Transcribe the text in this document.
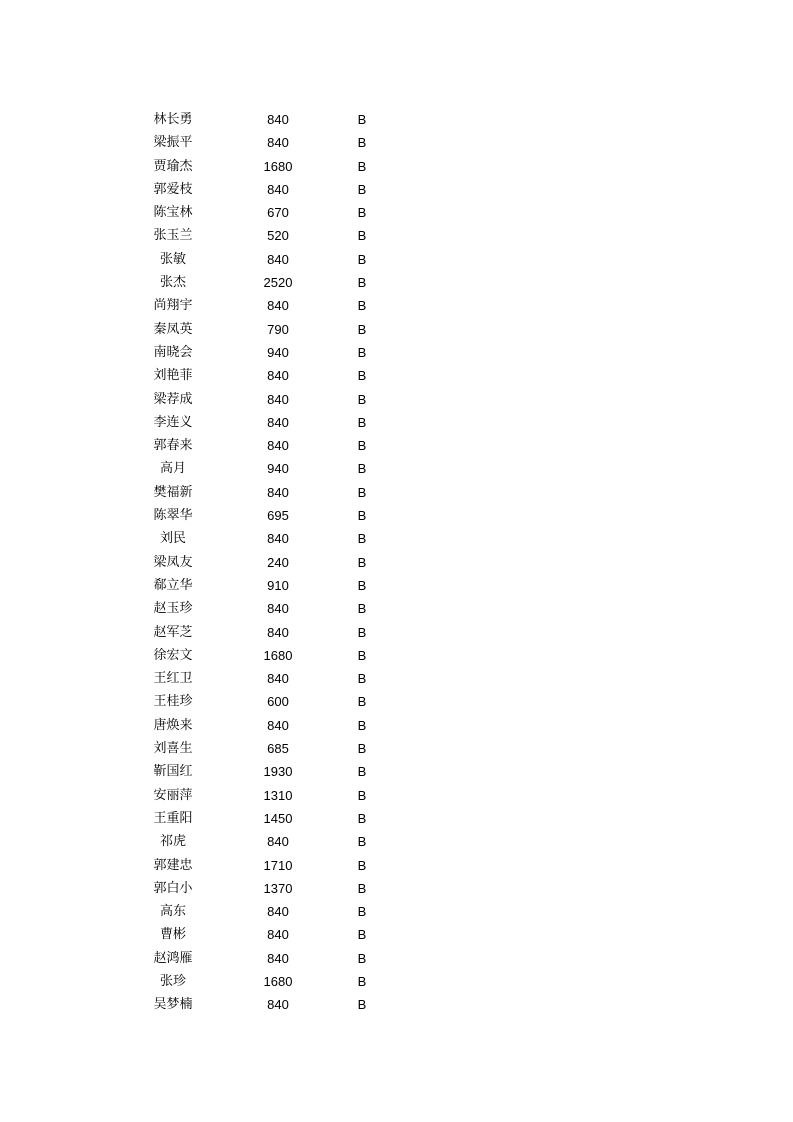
林长勇	840	B
梁振平	840	B
贾瑜杰	1680	B
郭爱枝	840	B
陈宝林	670	B
张玉兰	520	B
张敏	840	B
张杰	2520	B
尚翔宇	840	B
秦凤英	790	B
南晓会	940	B
刘艳菲	840	B
梁荐成	840	B
李连义	840	B
郭春来	840	B
高月	940	B
樊福新	840	B
陈翠华	695	B
刘民	840	B
梁凤友	240	B
郗立华	910	B
赵玉珍	840	B
赵军芝	840	B
徐宏文	1680	B
王红卫	840	B
王桂珍	600	B
唐焕来	840	B
刘喜生	685	B
靳国红	1930	B
安丽萍	1310	B
王重阳	1450	B
祁虎	840	B
郭建忠	1710	B
郭白小	1370	B
高东	840	B
曹彬	840	B
赵鸿雁	840	B
张珍	1680	B
吴梦楠	840	B
